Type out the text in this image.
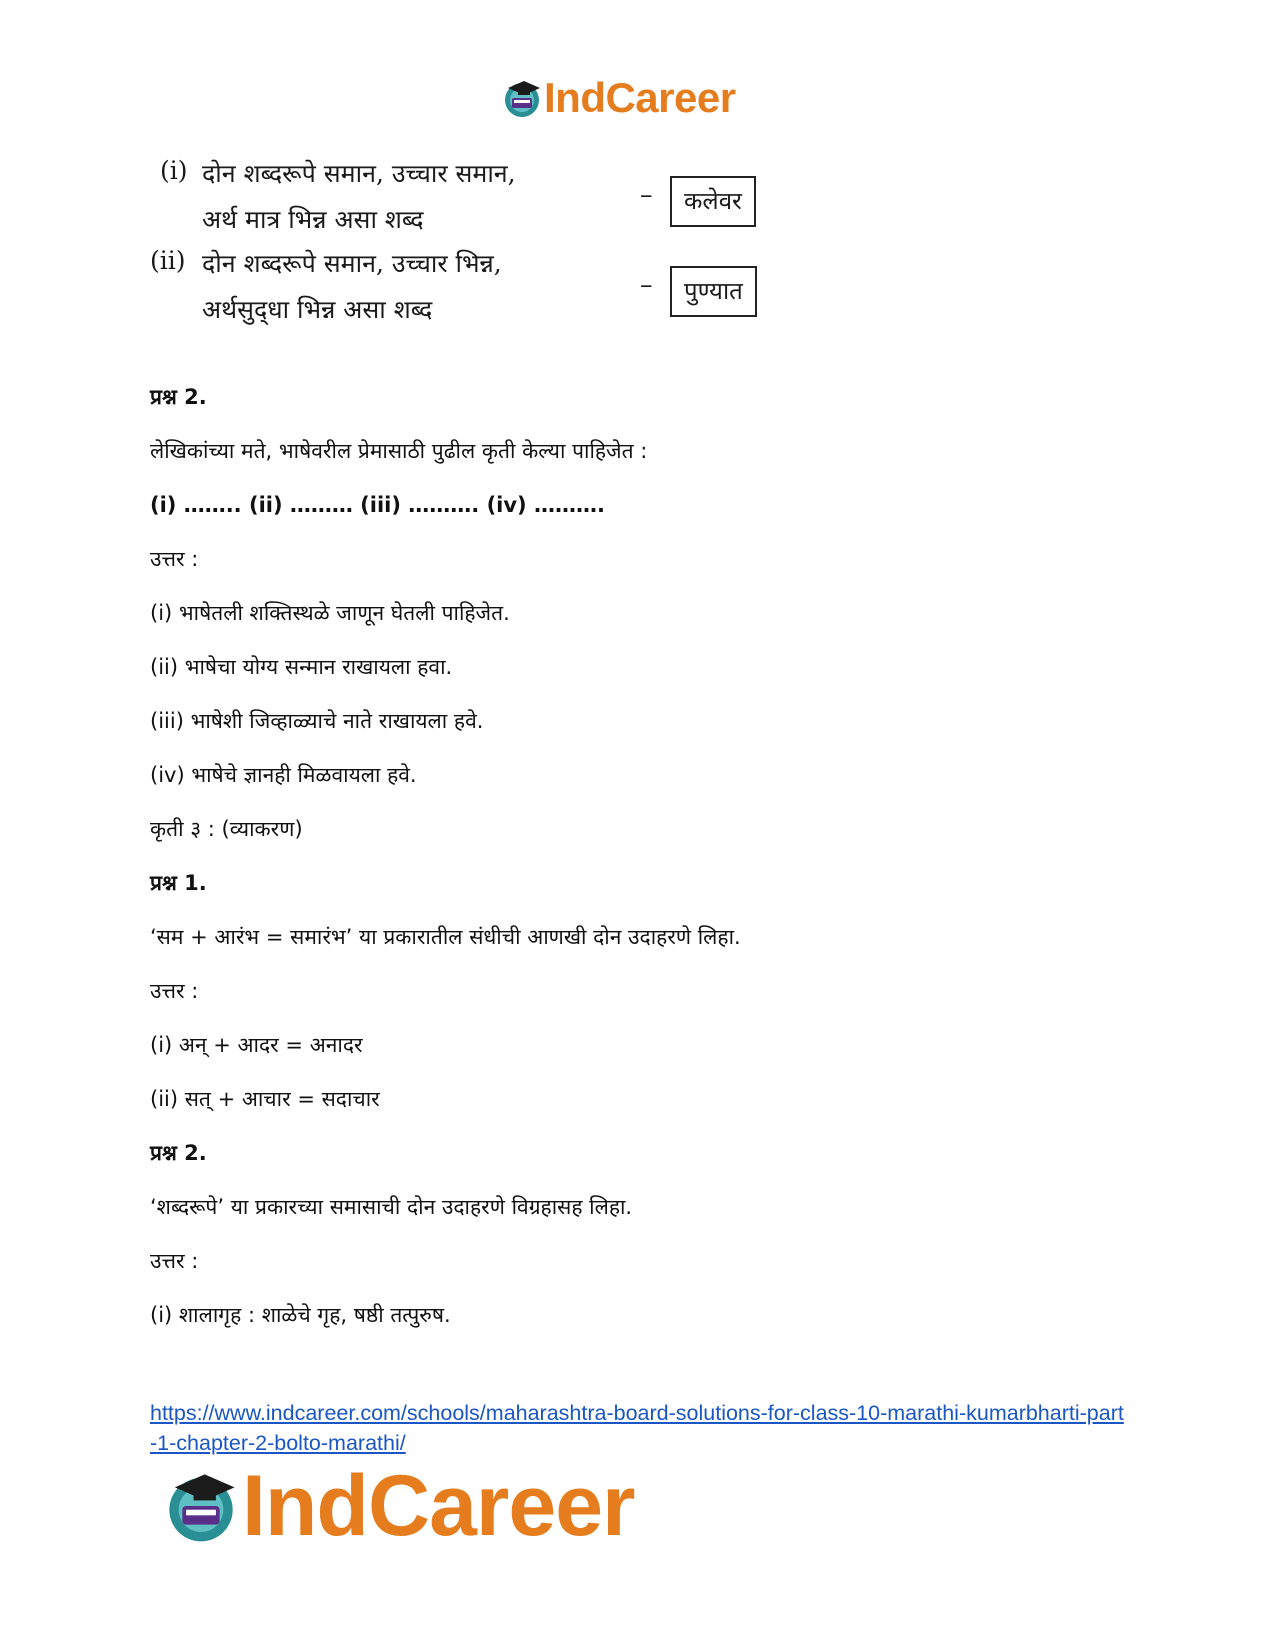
IndCareer
(i) दोन शब्दरूपे समान, उच्चार समान,
अर्थ मात्र भिन्न असा शब्द
–	कलेवर
(ii) दोन शब्दरूपे समान, उच्चार भिन्न,
अर्थसुद्‌धा भिन्न असा शब्द
–	पुण्यात
प्रश्न 2.
लेखिकांच्या मते, भाषेवरील प्रेमासाठी पुढील कृती केल्या पाहिजेत :
(i) …….. (ii) ……… (iii) ………. (iv) ……….
उत्तर :
(i) भाषेतली शक्तिस्थळे जाणून घेतली पाहिजेत.
(ii) भाषेचा योग्य सन्मान राखायला हवा.
(iii) भाषेशी जिव्हाळ्याचे नाते राखायला हवे.
(iv) भाषेचे ज्ञानही मिळवायला हवे.
कृती ३ : (व्याकरण)
प्रश्न 1.
‘सम + आरंभ = समारंभ’ या प्रकारातील संधीची आणखी दोन उदाहरणे लिहा.
उत्तर :
(i) अन् + आदर = अनादर
(ii) सत् + आचार = सदाचार
प्रश्न 2.
‘शब्दरूपे’ या प्रकारच्या समासाची दोन उदाहरणे विग्रहासह लिहा.
उत्तर :
(i) शालागृह : शाळेचे गृह, षष्ठी तत्पुरुष.
https://www.indcareer.com/schools/maharashtra-board-solutions-for-class-10-marathi-kumarbharti-part-1-chapter-2-bolto-marathi/
IndCareer
